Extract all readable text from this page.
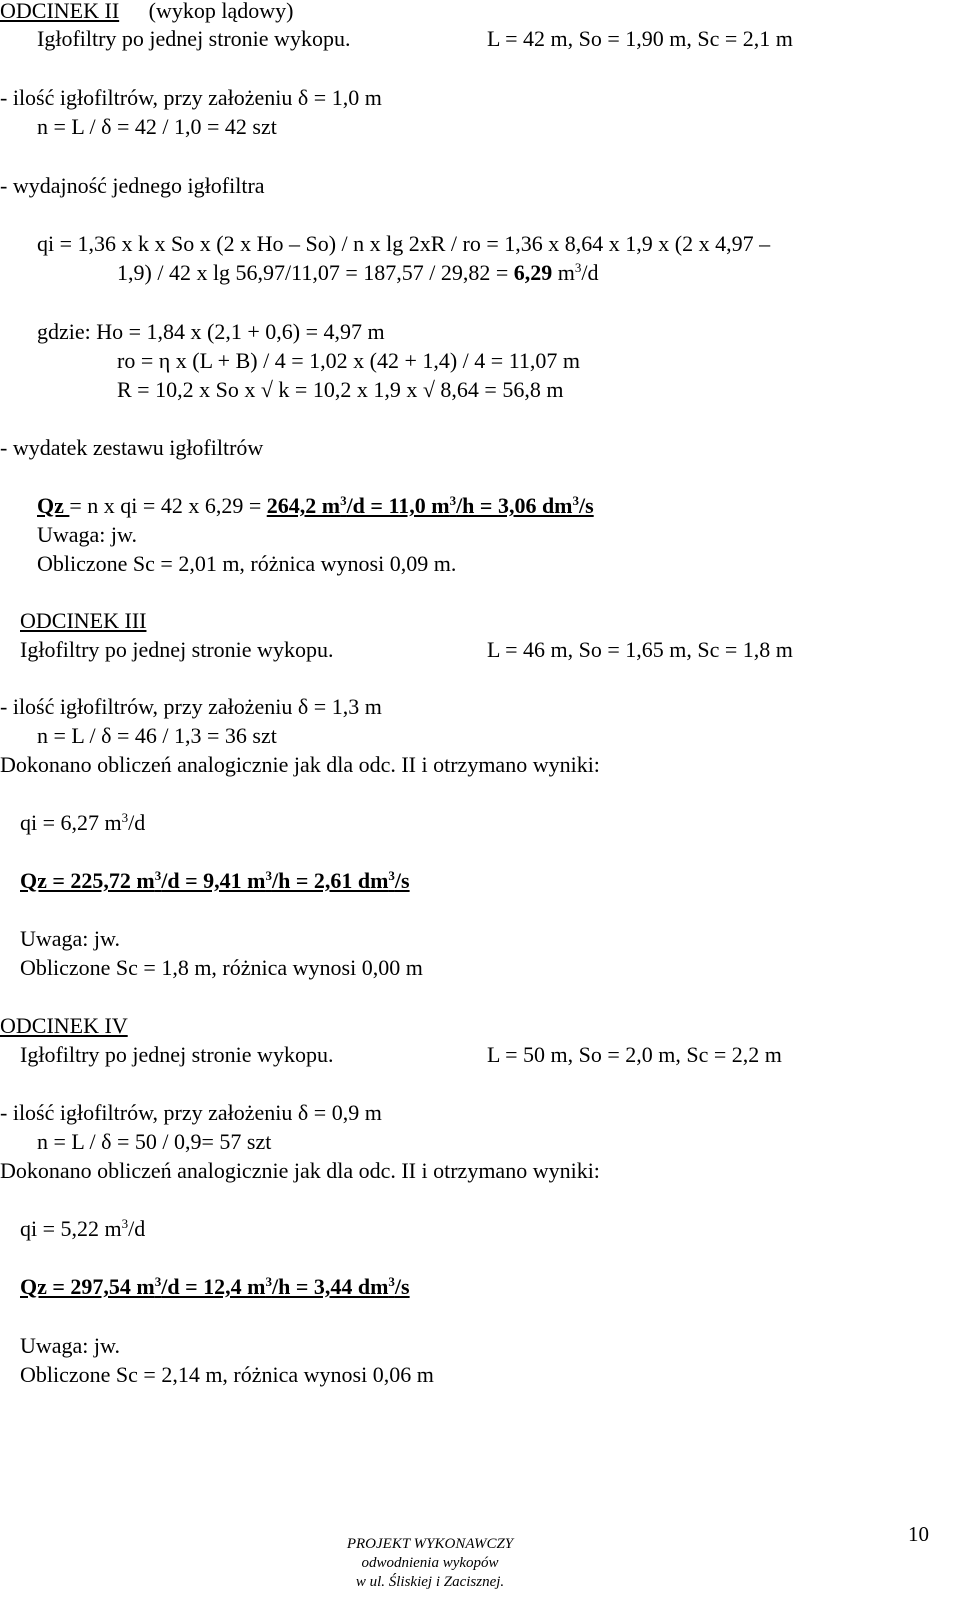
ODCINEK II (wykop lądowy)
Igłofiltry po jednej stronie wykopu.	L = 42 m, So = 1,90 m, Sc = 2,1 m
- ilość igłofiltrów, przy założeniu δ = 1,0 m
n = L / δ = 42 / 1,0 = 42 szt
- wydajność jednego igłofiltra
qi = 1,36 x k x So x (2 x Ho – So) / n x lg 2xR / ro = 1,36 x 8,64 x 1,9 x (2 x 4,97 –
1,9) / 42 x lg 56,97/11,07 = 187,57 / 29,82 = 6,29 $m^3/d$
gdzie: Ho = 1,84 x (2,1 + 0,6) = 4,97 m
ro = η x (L + B) / 4 = 1,02 x (42 + 1,4) / 4 = 11,07 m
R = 10,2 x So x √ k = 10,2 x 1,9 x √ 8,64 = 56,8 m
- wydatek zestawu igłofiltrów
Qz = n x qi = 42 x 6,29 = 264,2 $m^3/d = 11,0$ $m^3/h = 3,06$ $dm^3/s$
Uwaga: jw.
Obliczone Sc = 2,01 m, różnica wynosi 0,09 m.
ODCINEK III
Igłofiltry po jednej stronie wykopu.	L = 46 m, So = 1,65 m, Sc = 1,8 m
- ilość igłofiltrów, przy założeniu δ = 1,3 m
n = L / δ = 46 / 1,3 = 36 szt
Dokonano obliczeń analogicznie jak dla odc. II i otrzymano wyniki:
qi = 6,27 $m^3/d$
Qz = 225,72 $m^3/d = 9,41$ $m^3/h = 2,61$ $dm^3/s$
Uwaga: jw.
Obliczone Sc = 1,8 m, różnica wynosi 0,00 m
ODCINEK IV
Igłofiltry po jednej stronie wykopu.	L = 50 m, So = 2,0 m, Sc = 2,2 m
- ilość igłofiltrów, przy założeniu δ = 0,9 m
n = L / δ = 50 / 0,9= 57 szt
Dokonano obliczeń analogicznie jak dla odc. II i otrzymano wyniki:
qi = 5,22 $m^3/d$
Qz = 297,54 $m^3/d = 12,4$ $m^3/h = 3,44$ $dm^3/s$
Uwaga: jw.
Obliczone Sc = 2,14 m, różnica wynosi 0,06 m
PROJEKT WYKONAWCZY
odwodnienia wykopów
w ul. Śliskiej i Zacisznej.
10
